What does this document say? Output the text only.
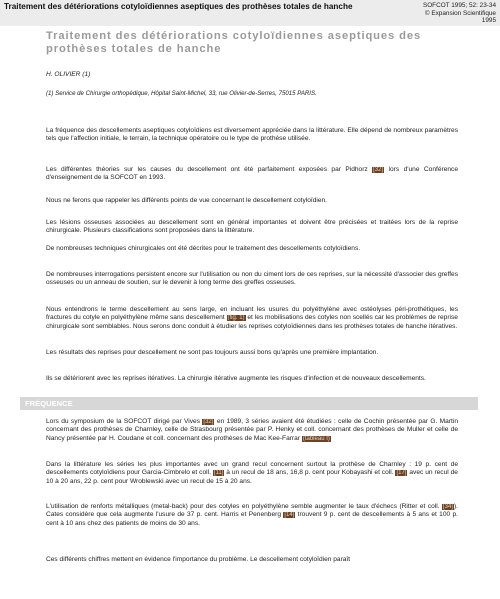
Traitement des détériorations cotyloïdiennes aseptiques des prothèses totales de hanche	SOFCOT 1995; 52: 23-34
© Expansion Scientifique
1995
Traitement des détériorations cotyloïdiennes aseptiques des prothèses totales de hanche
H. OLIVIER (1)
(1) Service de Chirurgie orthopédique, Hôpital Saint-Michel, 33, rue Olivier-de-Serres, 75015 PARIS.

La fréquence des descellements aseptiques cotyloïdiens est diversement appréciée dans la littérature. Elle dépend de nombreux paramètres tels que l'affection initiale, le terrain, la technique opératoire ou le type de prothèse utilisée.

Les différentes théories sur les causes du descellement ont été parfaitement exposées par Pidhorz [32] lors d'une Conférence d'enseignement de la SOFCOT en 1993.

Nous ne ferons que rappeler les différents points de vue concernant le descellement cotyloïdien.

Les lésions osseuses associées au descellement sont en général importantes et doivent être précisées et traitées lors de la reprise chirurgicale. Plusieurs classifications sont proposées dans la littérature.

De nombreuses techniques chirurgicales ont été décrites pour le traitement des descellements cotyloïdiens.

De nombreuses interrogations persistent encore sur l'utilisation ou non du ciment lors de ces reprises, sur la nécessité d'associer des greffes osseuses ou un anneau de soutien, sur le devenir à long terme des greffes osseuses.

Nous entendrons le terme descellement au sens large, en incluant les usures du polyéthylène avec ostéolyses péri-prothétiques, les fractures du cotyle en polyéthylène même sans descellement (fig. 1) et les mobilisations des cotyles non scellés car les problèmes de reprise chirurgicale sont semblables. Nous serons donc conduit à étudier les reprises cotyloïdiennes dans les prothèses totales de hanche itératives.

Les résultats des reprises pour descellement ne sont pas toujours aussi bons qu'après une première implantation.

Ils se détériorent avec les reprises itératives. La chirurgie itérative augmente les risques d'infection et de nouveaux descellements.

FRÉQUENCE

Lors du symposium de la SOFCOT dirigé par Vives [32] en 1989, 3 séries avaient été étudiées : celle de Cochin présentée par G. Martin concernant des prothèses de Charnley, celle de Strasbourg présentée par P. Henky et coll. concernant des prothèses de Muller et celle de Nancy présentée par H. Coudane et coll. concernant des prothèses de Mac Kee-Farrar (tableau I)

Dans la littérature les séries les plus importantes avec un grand recul concernent surtout la prothèse de Charnley : 19 p. cent de descellements cotyloïdiens pour Garcia-Cimbrelo et coll. [11] à un recul de 18 ans, 16,8 p. cent pour Kobayashi et coll. [17] avec un recul de 10 à 20 ans, 22 p. cent pour Wroblewski avec un recul de 15 à 20 ans.

L'utilisation de renforts métalliques (metal-back) pour des cotyles en polyéthylène semble augmenter le taux d'échecs (Ritter et coll. [34]). Cates considère que cela augmente l'usure de 37 p. cent. Harris et Penenberg [14] trouvent 9 p. cent de descellements à 5 ans et 100 p. cent à 10 ans chez des patients de moins de 30 ans.

Ces différents chiffres mettent en évidence l'importance du problème. Le descellement cotyloïdien paraît
